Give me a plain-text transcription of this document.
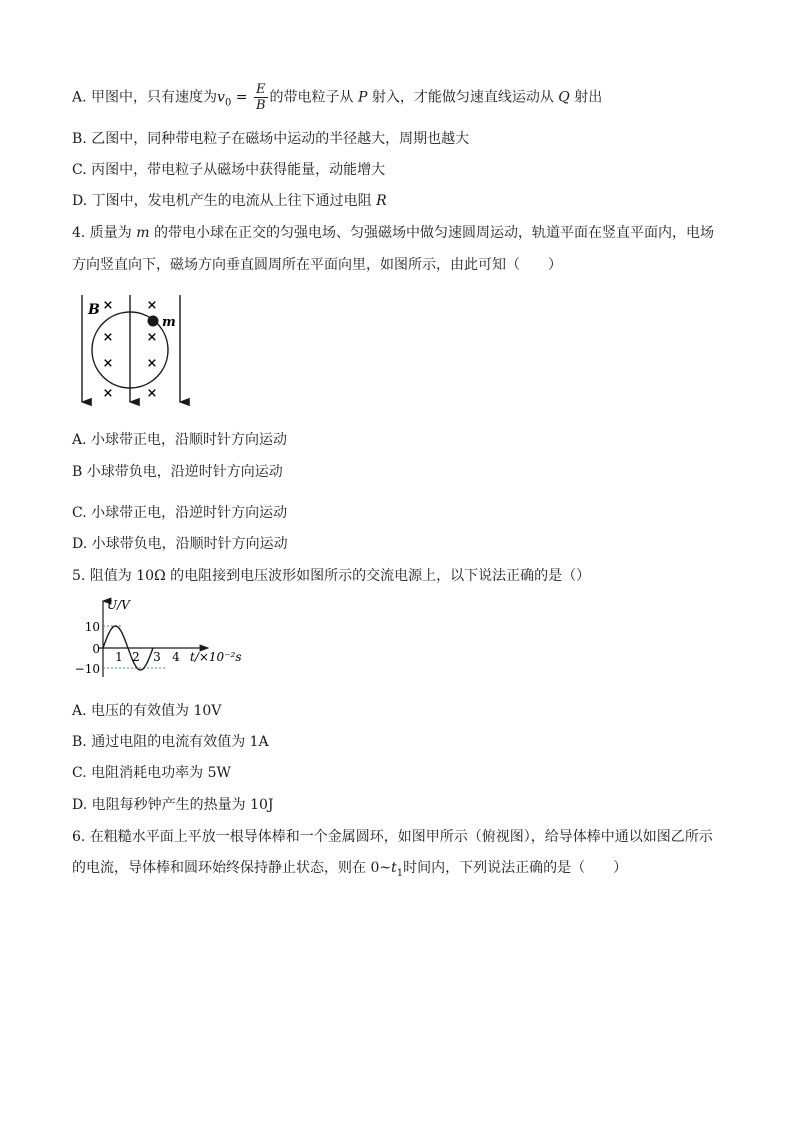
A. 甲图中，只有速度为$v_0 = \frac{E}{B}$ 的带电粒子从 P 射入，才能做匀速直线运动从 Q 射出
B. 乙图中，同种带电粒子在磁场中运动的半径越大，周期也越大
C. 丙图中，带电粒子从磁场中获得能量，动能增大
D. 丁图中，发电机产生的电流从上往下通过电阻 R
4. 质量为 m 的带电小球在正交的匀强电场、匀强磁场中做匀速圆周运动，轨道平面在竖直平面内，电场
方向竖直向下，磁场方向垂直圆周所在平面向里，如图所示，由此可知（　　）
B
m
×	×
×	×
×	×
×	×
A. 小球带正电，沿顺时针方向运动
B 小球带负电，沿逆时针方向运动
C. 小球带正电，沿逆时针方向运动
D. 小球带负电，沿顺时针方向运动
5. 阻值为 10Ω 的电阻接到电压波形如图所示的交流电源上，以下说法正确的是（）
U/V
t/×10⁻²s
10
0
−10
1 2 3 4
A. 电压的有效值为 10V
B. 通过电阻的电流有效值为 1A
C. 电阻消耗电功率为 5W
D. 电阻每秒钟产生的热量为 10J
6. 在粗糙水平面上平放一根导体棒和一个金属圆环，如图甲所示（俯视图），给导体棒中通以如图乙所示
的电流，导体棒和圆环始终保持静止状态，则在 $0\sim t_1$时间内，下列说法正确的是（　　）
